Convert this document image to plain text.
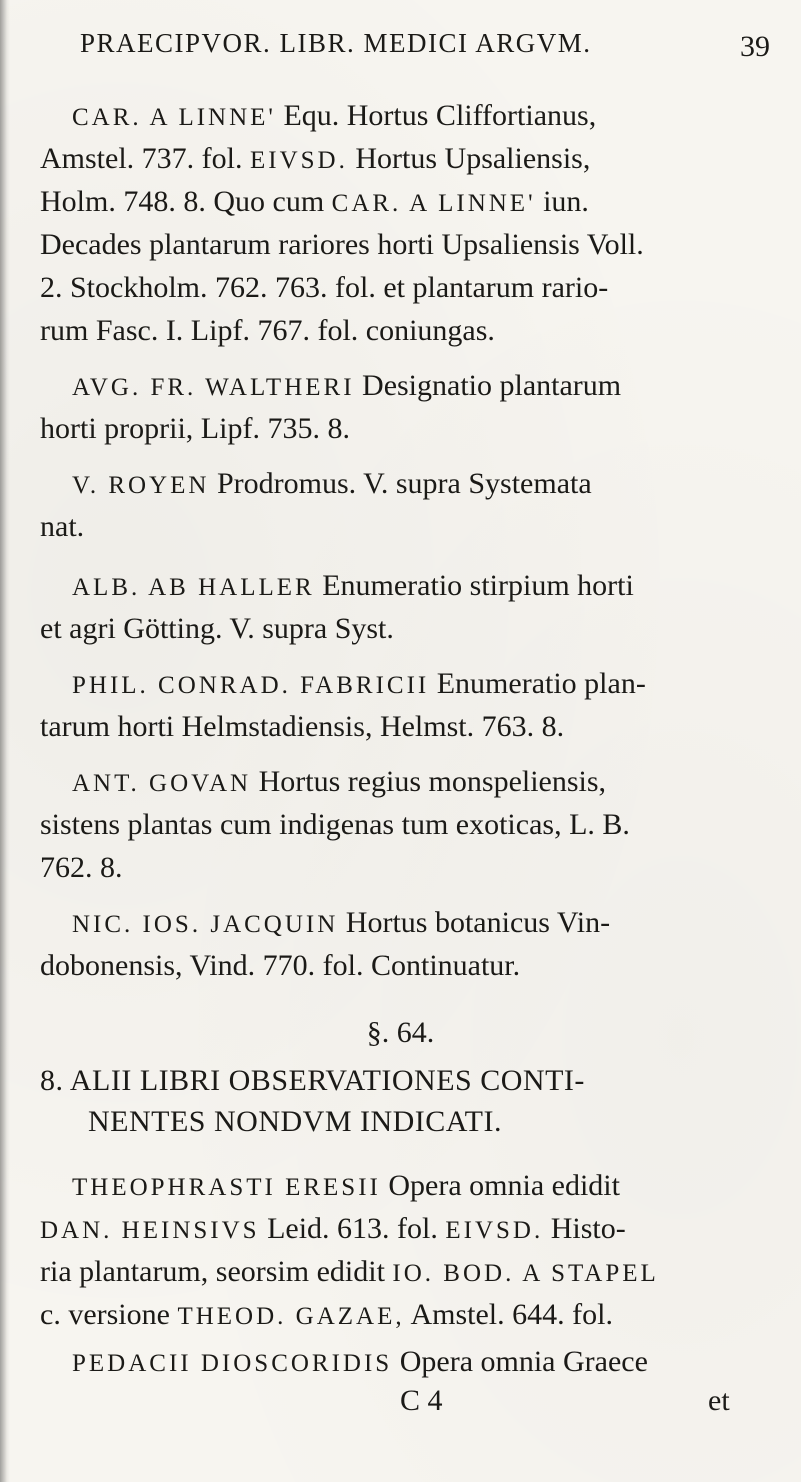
PRAECIPVOR. LIBR. MEDICI ARGVM.	39
CAR. A LINNE' Equ. Hortus Cliffortianus,
Amstel. 737. fol. EIVSD. Hortus Upsaliensis,
Holm. 748. 8. Quo cum CAR. A LINNE' iun.
Decades plantarum rariores horti Upsaliensis Voll.
2. Stockholm. 762. 763. fol. et plantarum rario-
rum Fasc. I. Lipf. 767. fol. coniungas.
AVG. FR. WALTHERI Designatio plantarum
horti proprii, Lipf. 735. 8.
V. ROYEN Prodromus. V. supra Systemata
nat.
ALB. AB HALLER Enumeratio stirpium horti
et agri Götting. V. supra Syst.
PHIL. CONRAD. FABRICII Enumeratio plan-
tarum horti Helmstadiensis, Helmst. 763. 8.
ANT. GOVAN Hortus regius monspeliensis,
sistens plantas cum indigenas tum exoticas, L. B.
762. 8.
NIC. IOS. JACQUIN Hortus botanicus Vin-
dobonensis, Vind. 770. fol. Continuatur.
§. 64.
8. ALII LIBRI OBSERVATIONES CONTI-
NENTES NONDVM INDICATI.
THEOPHRASTI ERESII Opera omnia edidit
DAN. HEINSIVS Leid. 613. fol. EIVSD. Histo-
ria plantarum, seorsim edidit IO. BOD. A STAPEL
c. versione THEOD. GAZAE, Amstel. 644. fol.
PEDACII DIOSCORIDIS Opera omnia Graece
C 4	et
